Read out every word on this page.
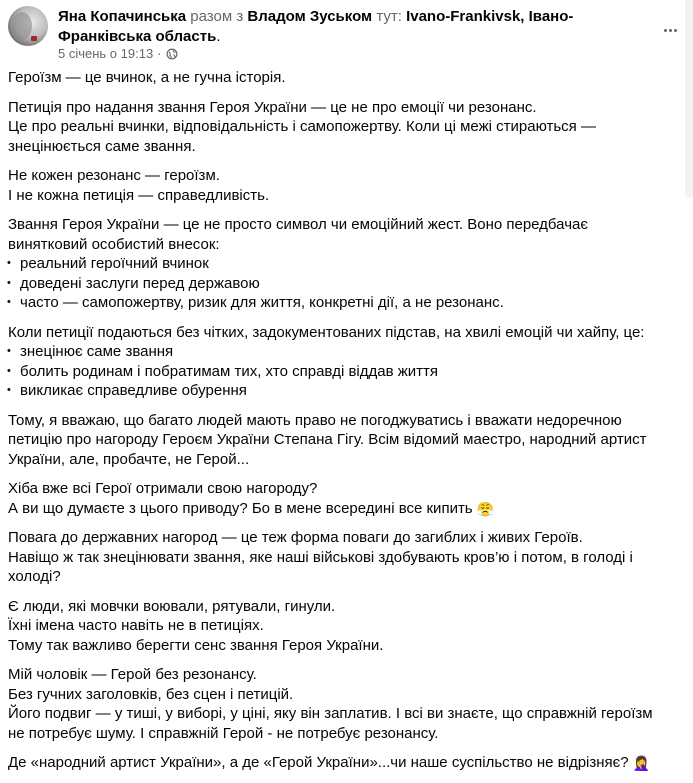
Яна Копачинська разом з Владом Зуськом тут: Ivano-Frankivsk, Івано-Франківська область.
5 січень о 19:13 ·

Героїзм — це вчинок, а не гучна історія.

Петиція про надання звання Героя України — це не про емоції чи резонанс.
Це про реальні вчинки, відповідальність і самопожертву. Коли ці межі стираються — знецінюється саме звання.

Не кожен резонанс — героїзм.
І не кожна петиція — справедливість.

Звання Героя України — це не просто символ чи емоційний жест. Воно передбачає винятковий особистий внесок:

• реальний героїчний вчинок
• доведені заслуги перед державою
• часто — самопожертву, ризик для життя, конкретні дії, а не резонанс.

Коли петиції подаються без чітких, задокументованих підстав, на хвилі емоцій чи хайпу, це:

• знецінює саме звання
• болить родинам і побратимам тих, хто справді віддав життя
• викликає справедливе обурення

Тому, я вважаю, що багато людей мають право не погоджуватись і вважати недоречною петицію про нагороду Героєм України Степана Гігу. Всім відомий маестро, народний артист України, але, пробачте, не Герой...

Хіба вже всі Герої отримали свою нагороду?
А ви що думаєте з цього приводу? Бо в мене всередині все кипить 😤

Повага до державних нагород — це теж форма поваги до загиблих і живих Героїв.
Навіщо ж так знецінювати звання, яке наші військові здобувають кров’ю і потом, в голоді і холоді?

Є люди, які мовчки воювали, рятували, гинули.
Їхні імена часто навіть не в петиціях.
Тому так важливо берегти сенс звання Героя України.

Мій чоловік — Герой без резонансу.
Без гучних заголовків, без сцен і петицій.
Його подвиг — у тиші, у виборі, у ціні, яку він заплатив. І всі ви знаєте, що справжній героїзм не потребує шуму. І справжній Герой - не потребує резонансу.

Де «народний артист України», а де «Герой України»...чи наше суспільство не відрізняє? 🤦‍♀️
